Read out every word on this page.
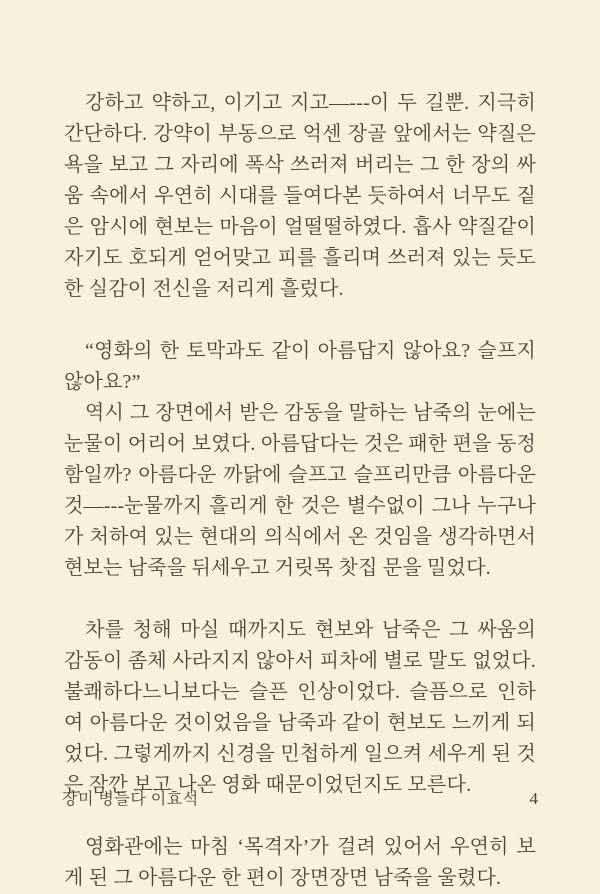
강하고 약하고, 이기고 지고—---이 두 길뿐. 지극히 간단하다. 강약이 부동으로 억센 장골 앞에서는 약질은 욕을 보고 그 자리에 폭삭 쓰러져 버리는 그 한 장의 싸움 속에서 우연히 시대를 들여다본 듯하여서 너무도 짙은 암시에 현보는 마음이 얼떨떨하였다. 흡사 약질같이 자기도 호되게 얻어맞고 피를 흘리며 쓰러져 있는 듯도 한 실감이 전신을 저리게 흘렀다.

“영화의 한 토막과도 같이 아름답지 않아요? 슬프지 않아요?”

역시 그 장면에서 받은 감동을 말하는 남죽의 눈에는 눈물이 어리어 보였다. 아름답다는 것은 패한 편을 동정함일까? 아름다운 까닭에 슬프고 슬프리만큼 아름다운 것—---눈물까지 흘리게 한 것은 별수없이 그나 누구나가 처하여 있는 현대의 의식에서 온 것임을 생각하면서 현보는 남죽을 뒤세우고 거릿목 찻집 문을 밀었다.

차를 청해 마실 때까지도 현보와 남죽은 그 싸움의 감동이 좀체 사라지지 않아서 피차에 별로 말도 없었다. 불쾌하다느니보다는 슬픈 인상이었다. 슬픔으로 인하여 아름다운 것이었음을 남죽과 같이 현보도 느끼게 되었다. 그렇게까지 신경을 민첩하게 일으켜 세우게 된 것은 잠깐 보고 나온 영화 때문이었던지도 모른다.

영화관에는 마침 ‘목격자’가 걸려 있어서 우연히 보게 된 그 아름다운 한 편이 장면장면 남죽을 울렸다.

장미 병들다 이효석	4
